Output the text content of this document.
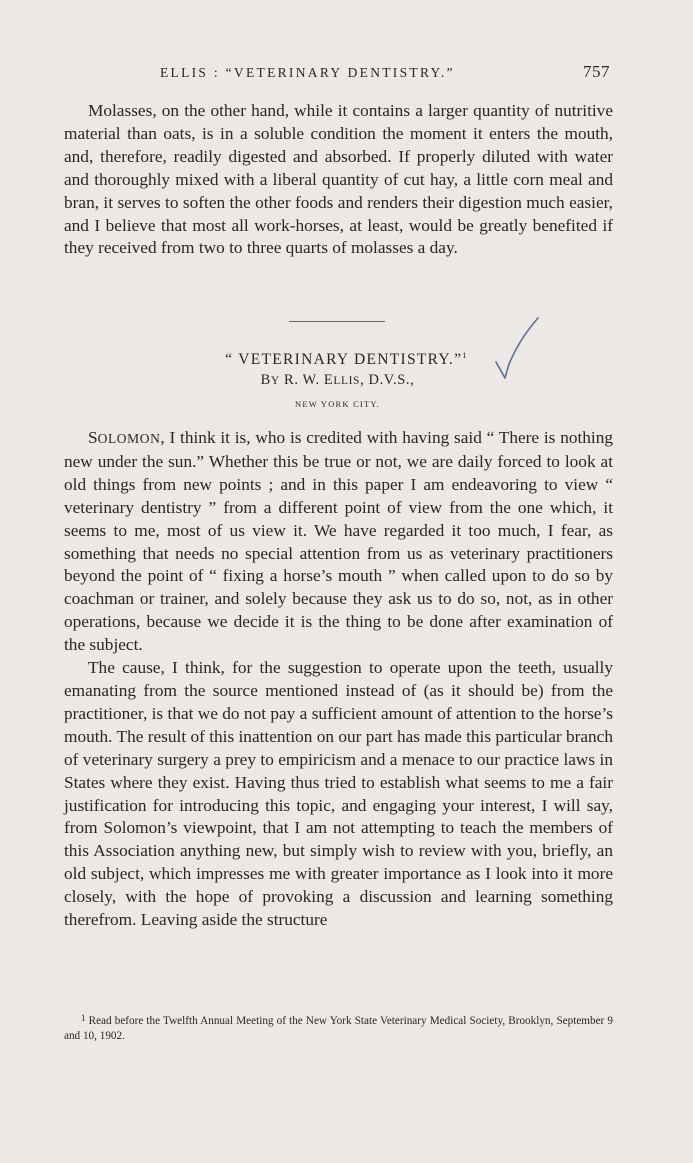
ELLIS : “VETERINARY DENTISTRY.”	757

Molasses, on the other hand, while it contains a larger quantity of nutritive material than oats, is in a soluble condition the moment it enters the mouth, and, therefore, readily digested and absorbed. If properly diluted with water and thoroughly mixed with a liberal quantity of cut hay, a little corn meal and bran, it serves to soften the other foods and renders their digestion much easier, and I believe that most all work-horses, at least, would be greatly benefited if they received from two to three quarts of molasses a day.

“ VETERINARY DENTISTRY.”$^1$
BY R. W. ELLIS, D.V.S.,
NEW YORK CITY.

SOLOMON, I think it is, who is credited with having said “ There is nothing new under the sun.” Whether this be true or not, we are daily forced to look at old things from new points ; and in this paper I am endeavoring to view “ veterinary dentistry ” from a different point of view from the one which, it seems to me, most of us view it. We have regarded it too much, I fear, as something that needs no special attention from us as veterinary practitioners beyond the point of “ fixing a horse’s mouth ” when called upon to do so by coachman or trainer, and solely because they ask us to do so, not, as in other operations, because we decide it is the thing to be done after examination of the subject.

The cause, I think, for the suggestion to operate upon the teeth, usually emanating from the source mentioned instead of (as it should be) from the practitioner, is that we do not pay a sufficient amount of attention to the horse’s mouth. The result of this inattention on our part has made this particular branch of veterinary surgery a prey to empiricism and a menace to our practice laws in States where they exist. Having thus tried to establish what seems to me a fair justification for introducing this topic, and engaging your interest, I will say, from Solomon’s viewpoint, that I am not attempting to teach the members of this Association anything new, but simply wish to review with you, briefly, an old subject, which impresses me with greater importance as I look into it more closely, with the hope of provoking a discussion and learning something therefrom. Leaving aside the structure

$^1$ Read before the Twelfth Annual Meeting of the New York State Veterinary Medical Society, Brooklyn, September 9 and 10, 1902.
